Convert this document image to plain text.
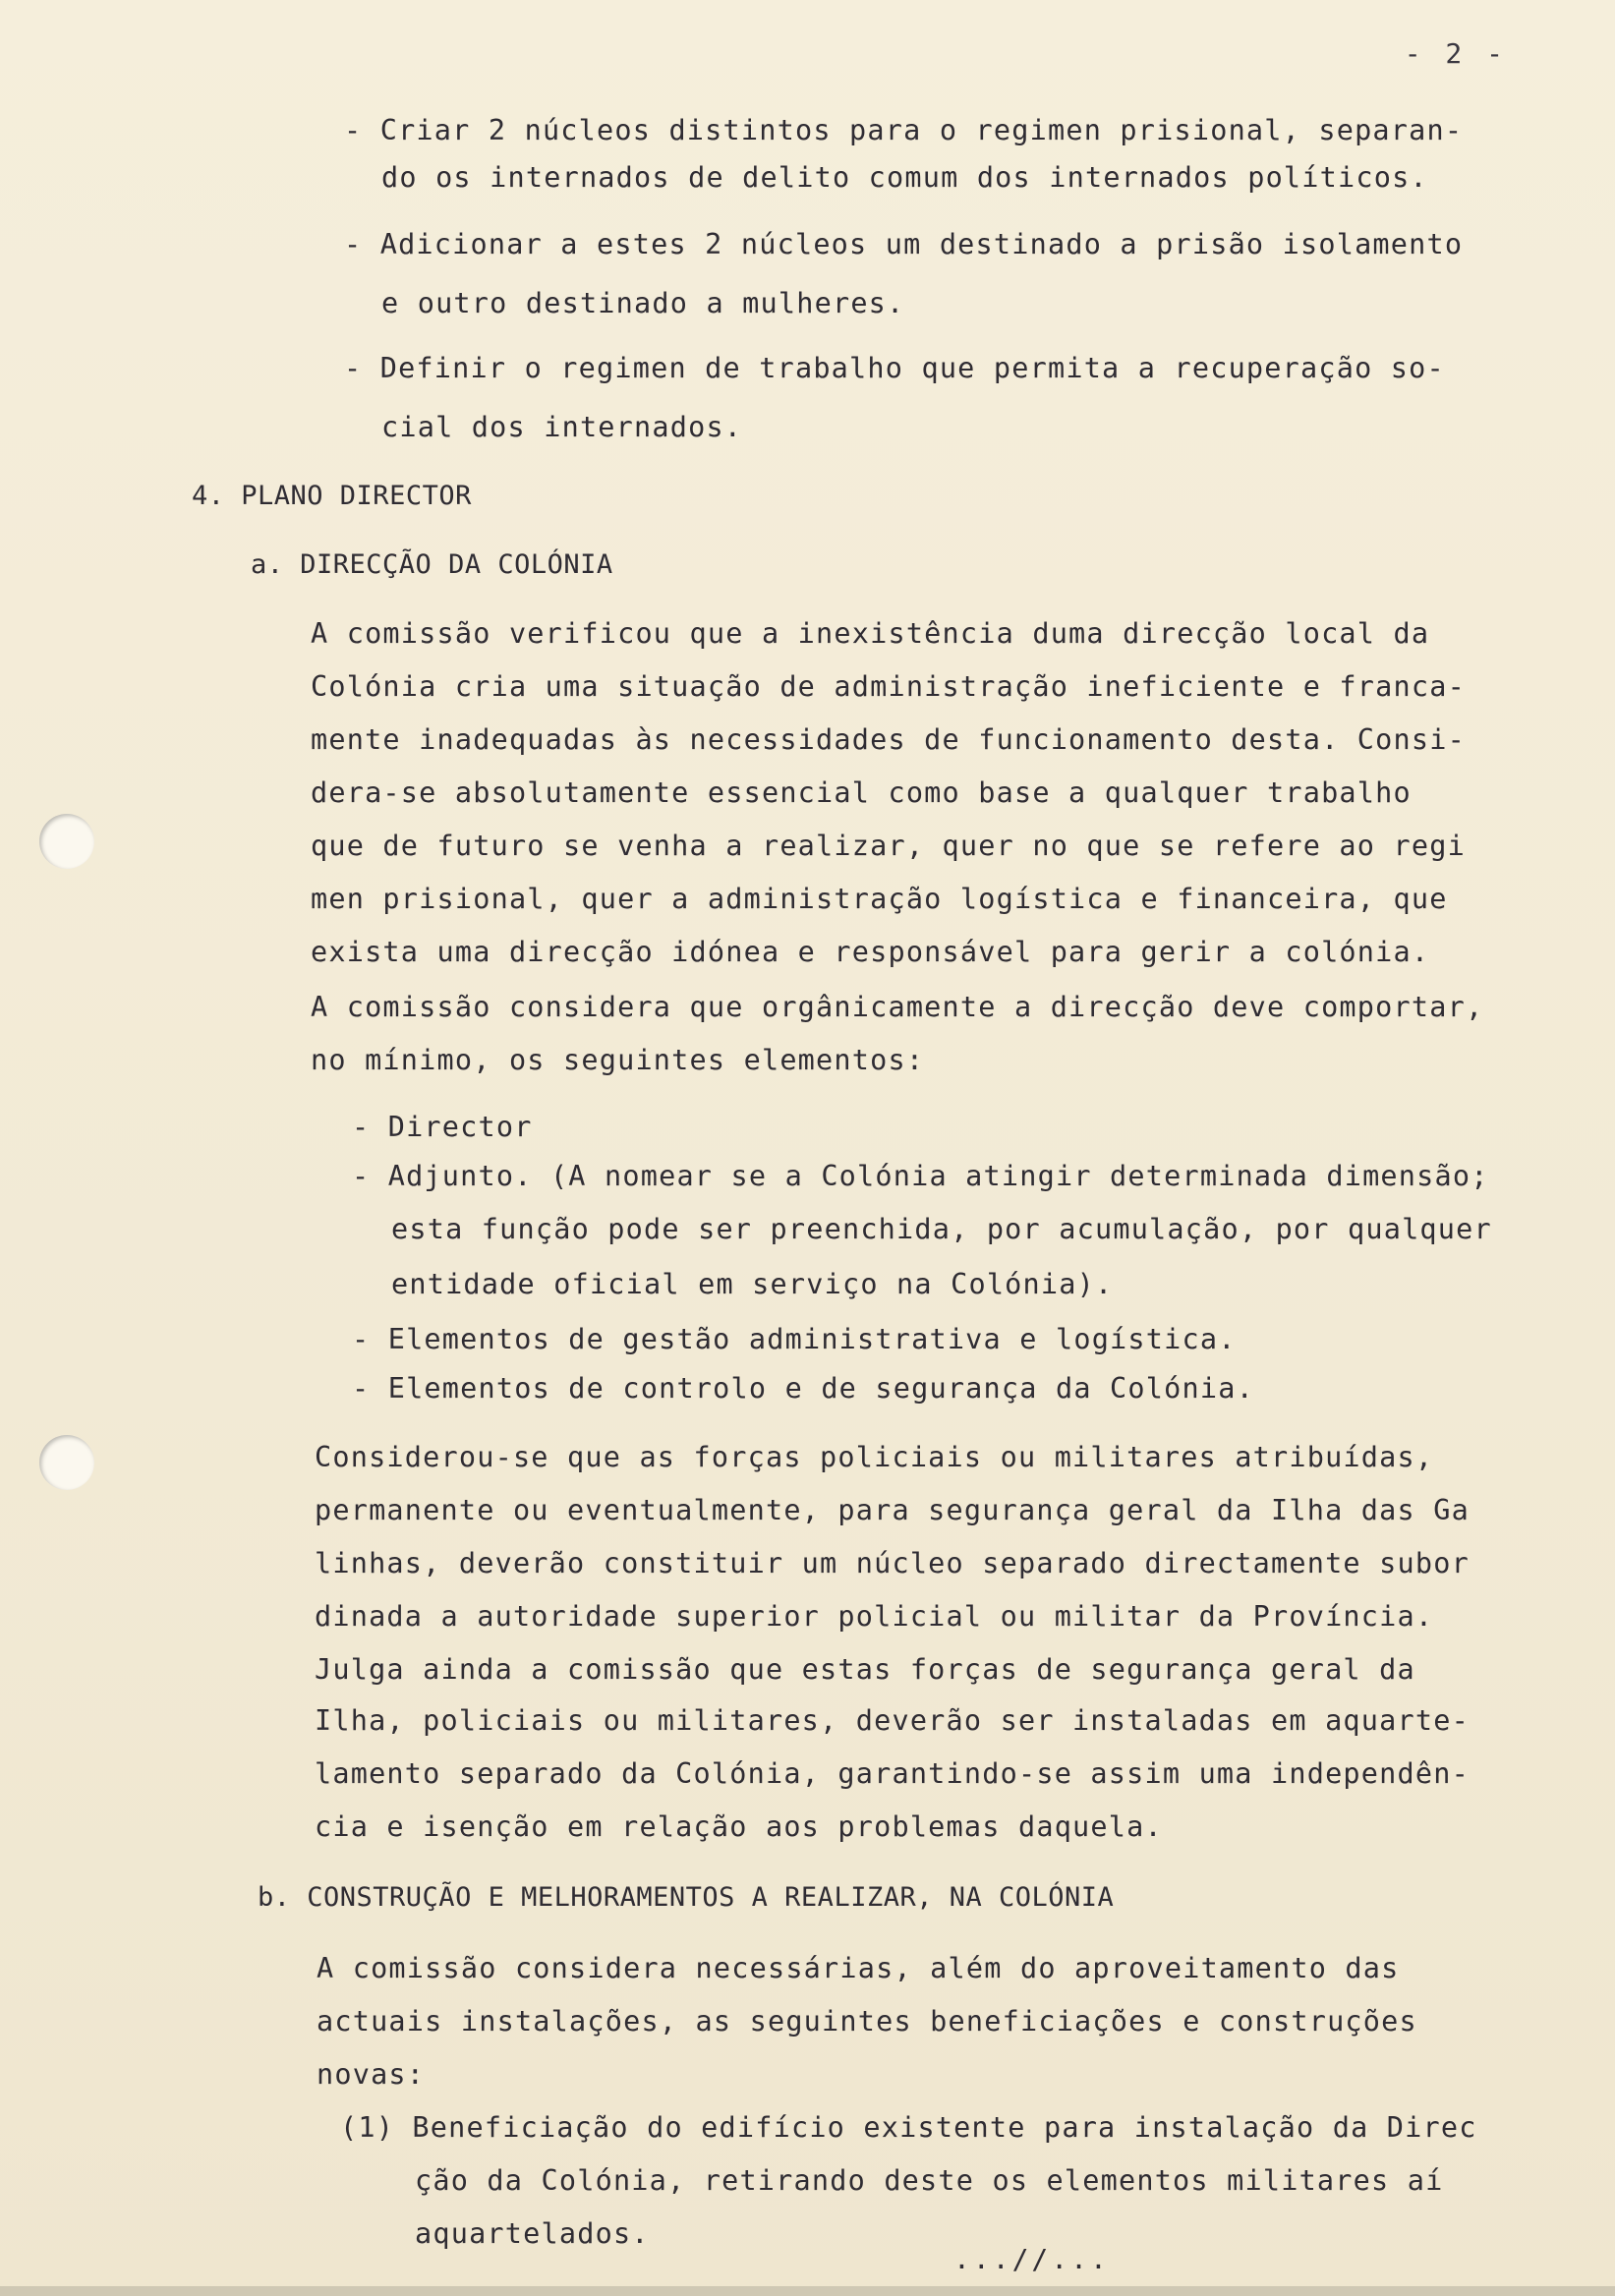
- 2 -
- Criar 2 núcleos distintos para o regimen prisional, separan-
do os internados de delito comum dos internados políticos.
- Adicionar a estes 2 núcleos um destinado a prisão isolamento
e outro destinado a mulheres.
- Definir o regimen de trabalho que permita a recuperação so-
cial dos internados.
4. PLANO DIRECTOR
a. DIRECÇÃO DA COLÓNIA
A comissão verificou que a inexistência duma direcção local da
Colónia cria uma situação de administração ineficiente e franca-
mente inadequadas às necessidades de funcionamento desta. Consi-
dera-se absolutamente essencial como base a qualquer trabalho
que de futuro se venha a realizar, quer no que se refere ao regi
men prisional, quer a administração logística e financeira, que
exista uma direcção idónea e responsável para gerir a colónia.
A comissão considera que orgânicamente a direcção deve comportar,
no mínimo, os seguintes elementos:
- Director
- Adjunto. (A nomear se a Colónia atingir determinada dimensão;
esta função pode ser preenchida, por acumulação, por qualquer
entidade oficial em serviço na Colónia).
- Elementos de gestão administrativa e logística.
- Elementos de controlo e de segurança da Colónia.
Considerou-se que as forças policiais ou militares atribuídas,
permanente ou eventualmente, para segurança geral da Ilha das Ga
linhas, deverão constituir um núcleo separado directamente subor
dinada a autoridade superior policial ou militar da Província.
Julga ainda a comissão que estas forças de segurança geral da
Ilha, policiais ou militares, deverão ser instaladas em aquarte-
lamento separado da Colónia, garantindo-se assim uma independên-
cia e isenção em relação aos problemas daquela.
b. CONSTRUÇÃO E MELHORAMENTOS A REALIZAR, NA COLÓNIA
A comissão considera necessárias, além do aproveitamento das
actuais instalações, as seguintes beneficiações e construções
novas:
(1) Beneficiação do edifício existente para instalação da Direc
ção da Colónia, retirando deste os elementos militares aí
aquartelados.
...//...
